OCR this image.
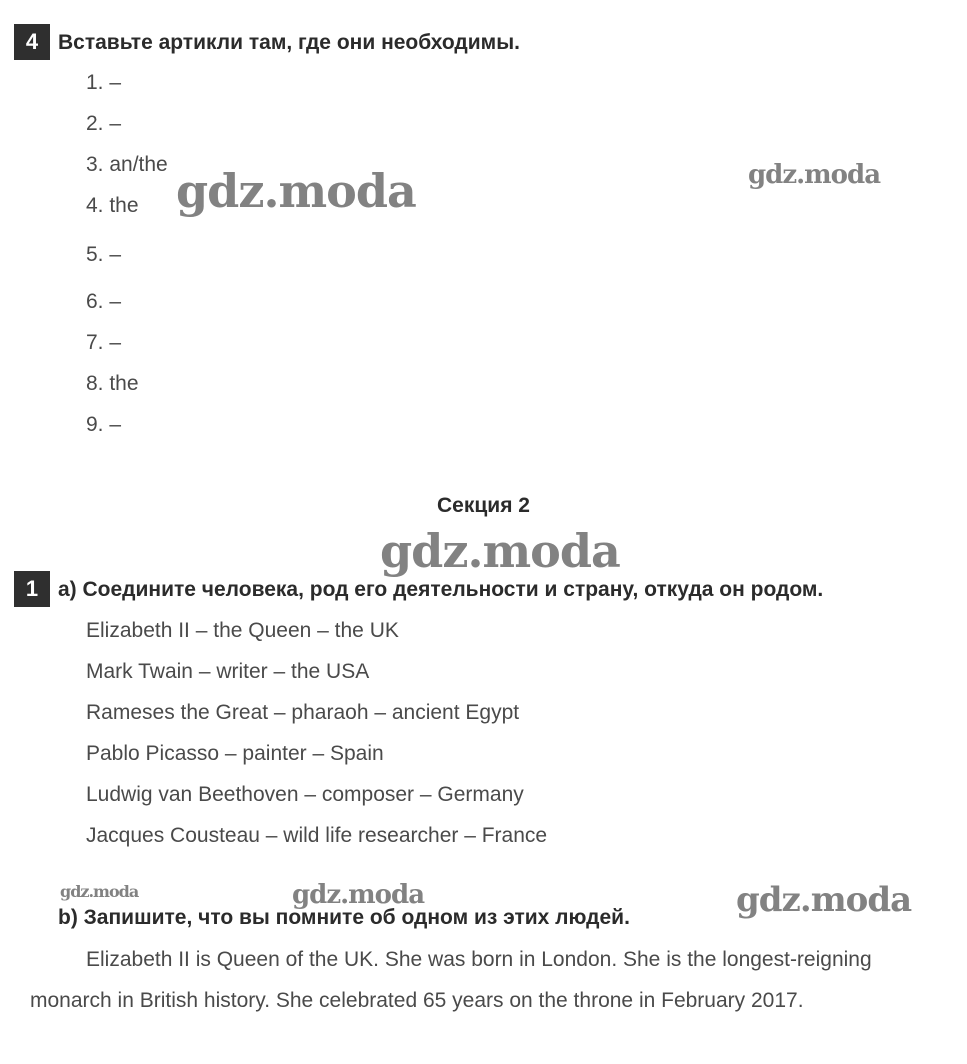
4 Вставьте артикли там, где они необходимы.
1. –
2. –
3. an/the
4. the
5. –
6. –
7. –
8. the
9. –
Секция 2
1 a) Соедините человека, род его деятельности и страну, откуда он родом.
Elizabeth II – the Queen – the UK
Mark Twain – writer – the USA
Rameses the Great – pharaoh – ancient Egypt
Pablo Picasso – painter – Spain
Ludwig van Beethoven – composer – Germany
Jacques Cousteau – wild life researcher – France
b) Запишите, что вы помните об одном из этих людей.
Elizabeth II is Queen of the UK. She was born in London. She is the longest-reigning
monarch in British history. She celebrated 65 years on the throne in February 2017.
gdz.moda	gdz.moda
gdz.moda
gdz.moda	gdz.moda	gdz.moda
